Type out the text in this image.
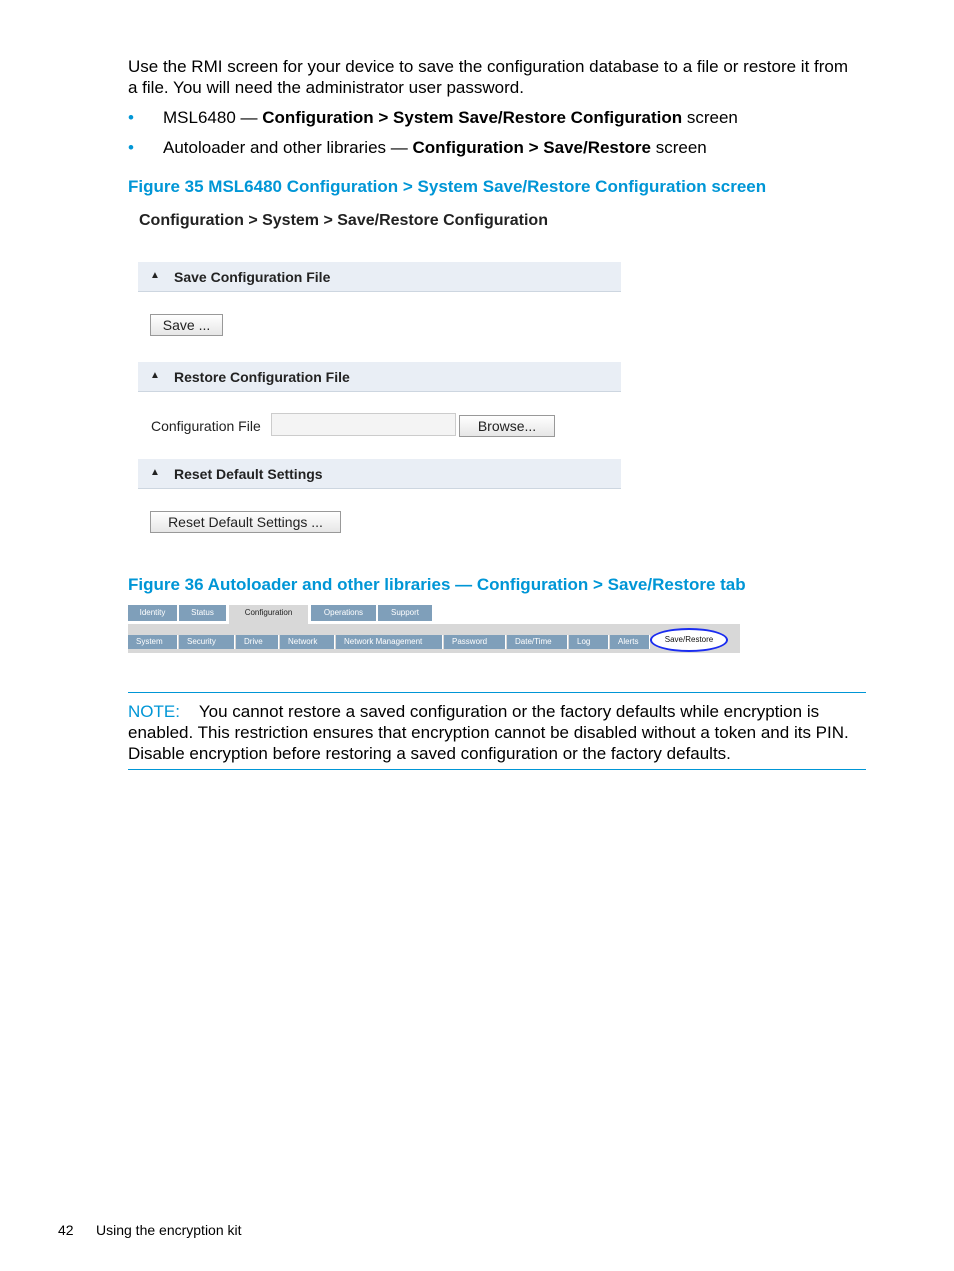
Use the RMI screen for your device to save the configuration database to a file or restore it from a file. You will need the administrator user password.

• MSL6480 — Configuration > System Save/Restore Configuration screen
• Autoloader and other libraries — Configuration > Save/Restore screen

Figure 35 MSL6480 Configuration > System Save/Restore Configuration screen

Configuration > System > Save/Restore Configuration
▲ Save Configuration File
Save ...
▲ Restore Configuration File
Configuration File	Browse...
▲ Reset Default Settings
Reset Default Settings ...

Figure 36 Autoloader and other libraries — Configuration > Save/Restore tab

Identity	Status	Configuration	Operations	Support
System	Security	Drive	Network	Network Management	Password	Date/Time	Log	Alerts	Save/Restore

NOTE: You cannot restore a saved configuration or the factory defaults while encryption is enabled. This restriction ensures that encryption cannot be disabled without a token and its PIN. Disable encryption before restoring a saved configuration or the factory defaults.

42 Using the encryption kit
